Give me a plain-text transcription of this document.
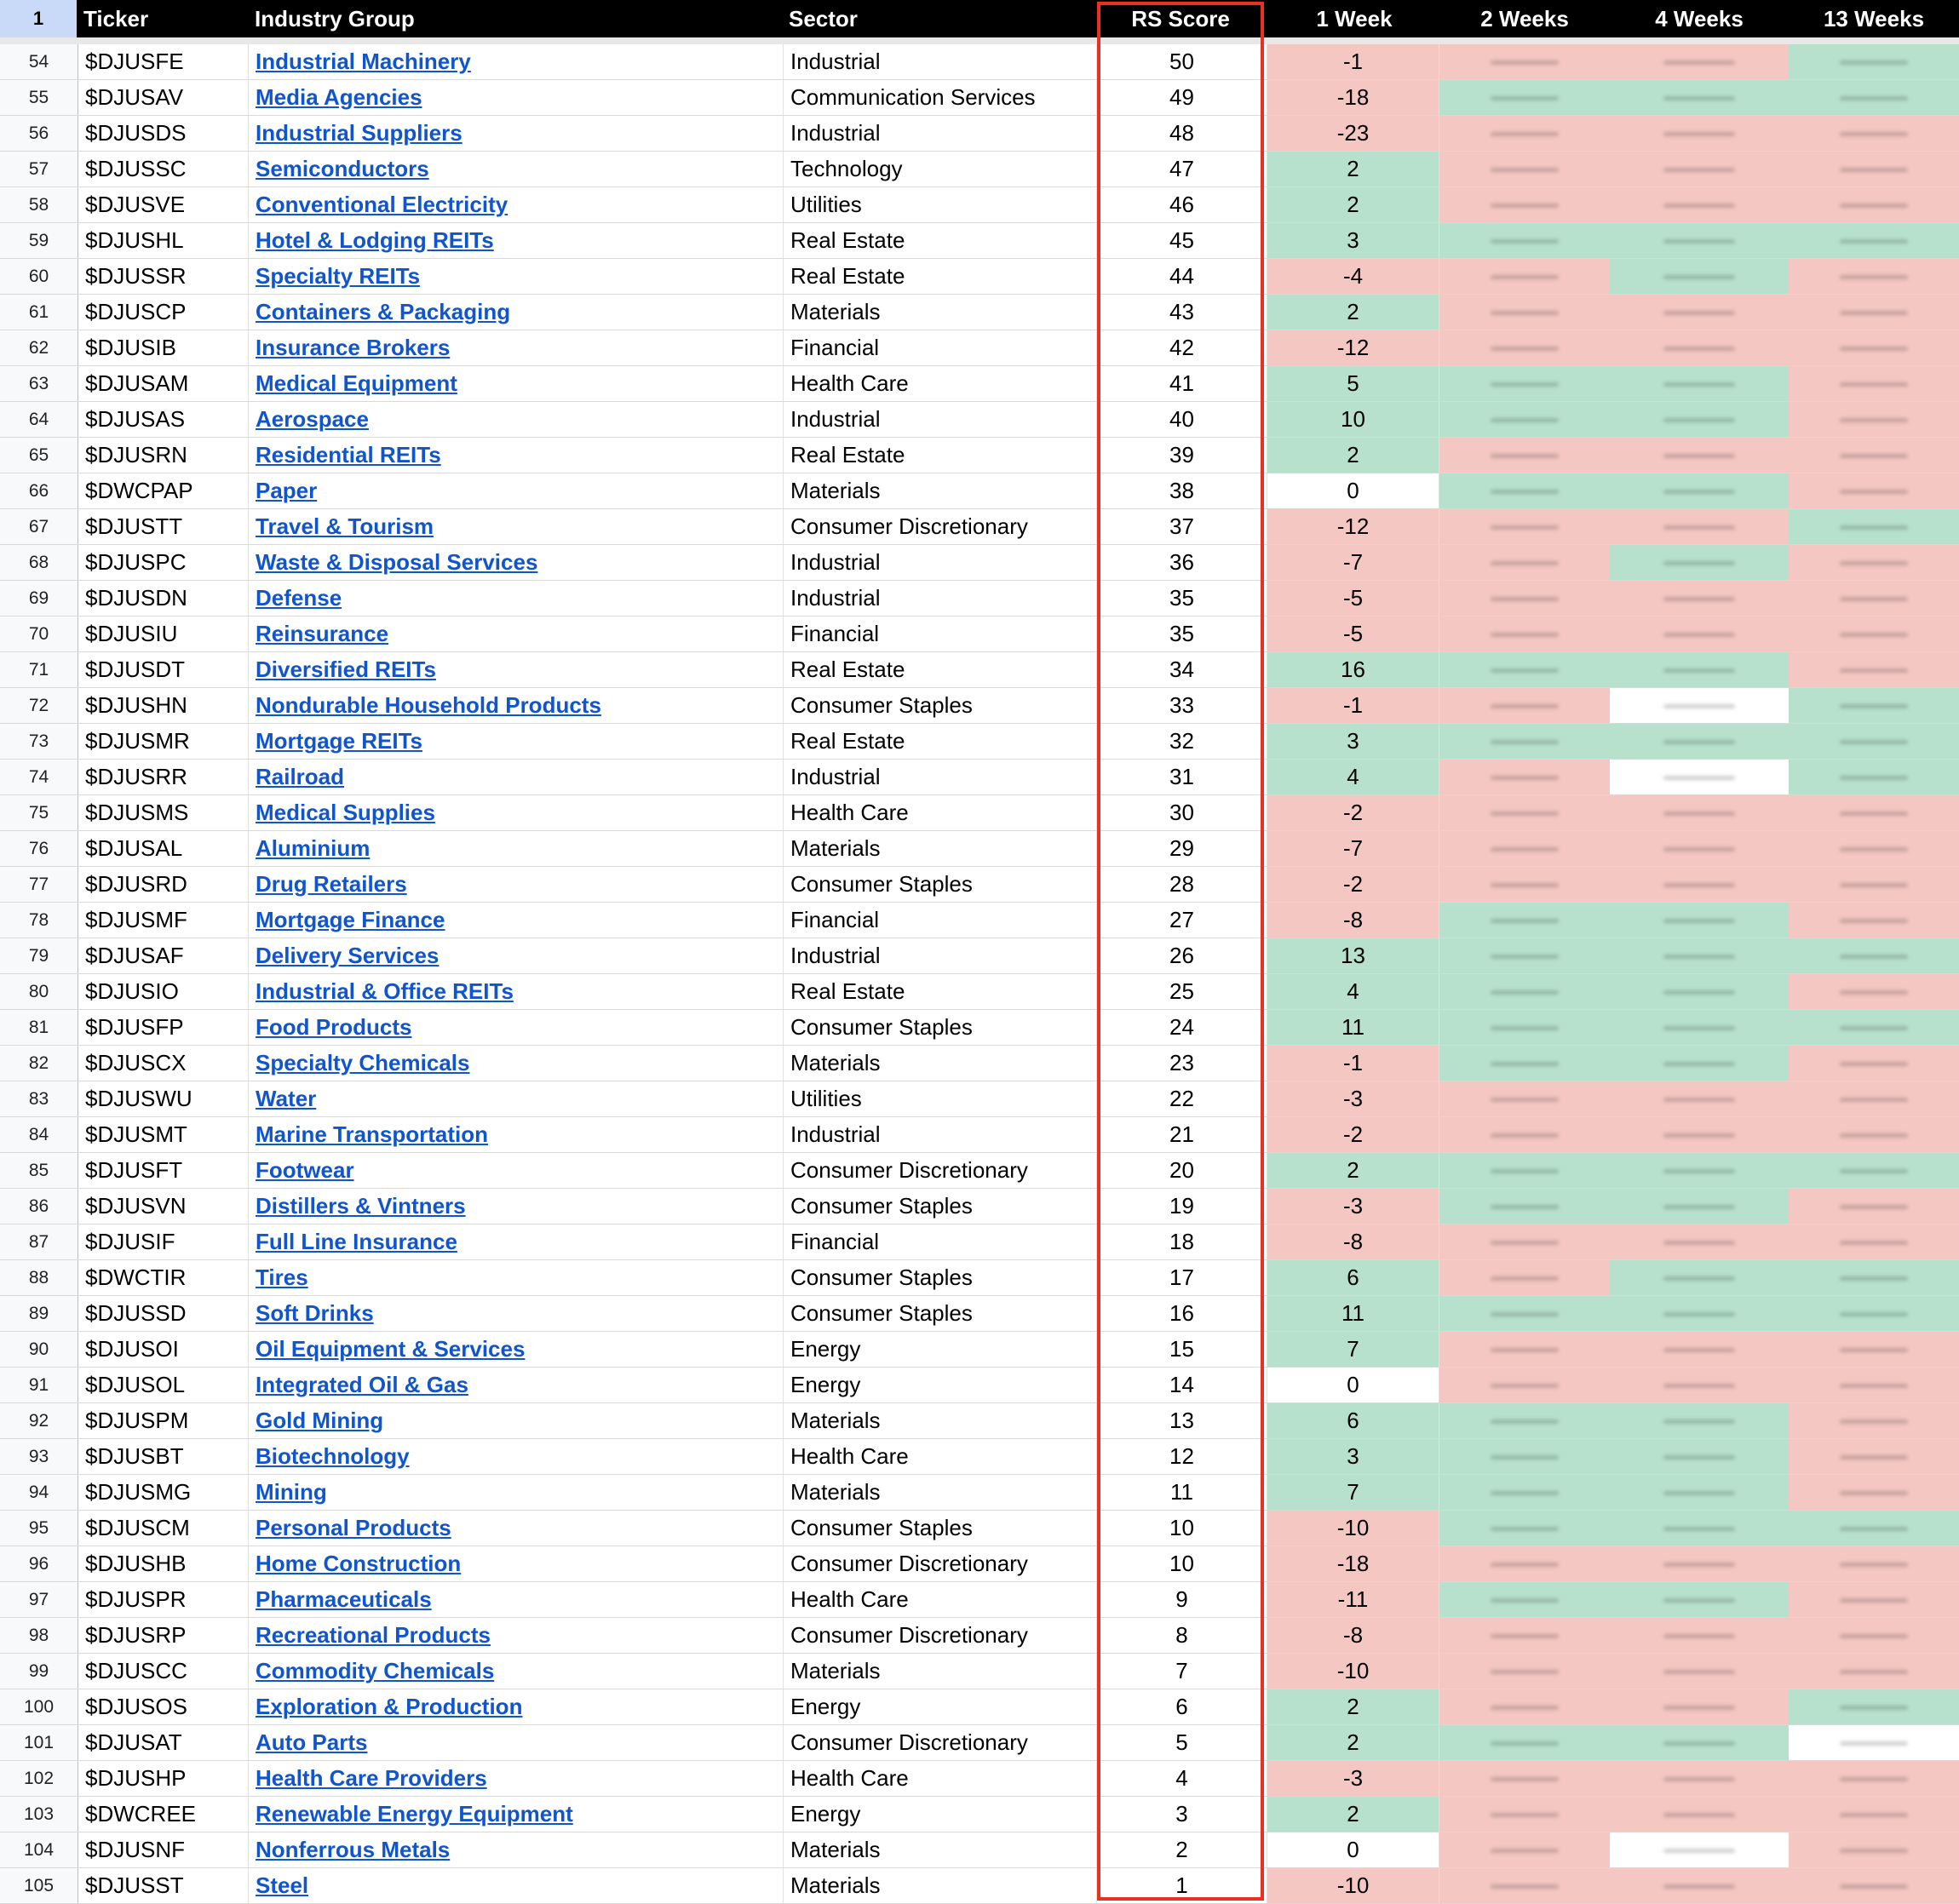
1	Ticker	Industry Group	Sector	RS Score	1 Week	2 Weeks	4 Weeks	13 Weeks
54	$DJUSFE	Industrial Machinery	Industrial	50	-1
55	$DJUSAV	Media Agencies	Communication Services	49	-18
56	$DJUSDS	Industrial Suppliers	Industrial	48	-23
57	$DJUSSC	Semiconductors	Technology	47	2
58	$DJUSVE	Conventional Electricity	Utilities	46	2
59	$DJUSHL	Hotel & Lodging REITs	Real Estate	45	3
60	$DJUSSR	Specialty REITs	Real Estate	44	-4
61	$DJUSCP	Containers & Packaging	Materials	43	2
62	$DJUSIB	Insurance Brokers	Financial	42	-12
63	$DJUSAM	Medical Equipment	Health Care	41	5
64	$DJUSAS	Aerospace	Industrial	40	10
65	$DJUSRN	Residential REITs	Real Estate	39	2
66	$DWCPAP	Paper	Materials	38	0
67	$DJUSTT	Travel & Tourism	Consumer Discretionary	37	-12
68	$DJUSPC	Waste & Disposal Services	Industrial	36	-7
69	$DJUSDN	Defense	Industrial	35	-5
70	$DJUSIU	Reinsurance	Financial	35	-5
71	$DJUSDT	Diversified REITs	Real Estate	34	16
72	$DJUSHN	Nondurable Household Products	Consumer Staples	33	-1
73	$DJUSMR	Mortgage REITs	Real Estate	32	3
74	$DJUSRR	Railroad	Industrial	31	4
75	$DJUSMS	Medical Supplies	Health Care	30	-2
76	$DJUSAL	Aluminium	Materials	29	-7
77	$DJUSRD	Drug Retailers	Consumer Staples	28	-2
78	$DJUSMF	Mortgage Finance	Financial	27	-8
79	$DJUSAF	Delivery Services	Industrial	26	13
80	$DJUSIO	Industrial & Office REITs	Real Estate	25	4
81	$DJUSFP	Food Products	Consumer Staples	24	11
82	$DJUSCX	Specialty Chemicals	Materials	23	-1
83	$DJUSWU	Water	Utilities	22	-3
84	$DJUSMT	Marine Transportation	Industrial	21	-2
85	$DJUSFT	Footwear	Consumer Discretionary	20	2
86	$DJUSVN	Distillers & Vintners	Consumer Staples	19	-3
87	$DJUSIF	Full Line Insurance	Financial	18	-8
88	$DWCTIR	Tires	Consumer Staples	17	6
89	$DJUSSD	Soft Drinks	Consumer Staples	16	11
90	$DJUSOI	Oil Equipment & Services	Energy	15	7
91	$DJUSOL	Integrated Oil & Gas	Energy	14	0
92	$DJUSPM	Gold Mining	Materials	13	6
93	$DJUSBT	Biotechnology	Health Care	12	3
94	$DJUSMG	Mining	Materials	11	7
95	$DJUSCM	Personal Products	Consumer Staples	10	-10
96	$DJUSHB	Home Construction	Consumer Discretionary	10	-18
97	$DJUSPR	Pharmaceuticals	Health Care	9	-11
98	$DJUSRP	Recreational Products	Consumer Discretionary	8	-8
99	$DJUSCC	Commodity Chemicals	Materials	7	-10
100	$DJUSOS	Exploration & Production	Energy	6	2
101	$DJUSAT	Auto Parts	Consumer Discretionary	5	2
102	$DJUSHP	Health Care Providers	Health Care	4	-3
103	$DWCREE	Renewable Energy Equipment	Energy	3	2
104	$DJUSNF	Nonferrous Metals	Materials	2	0
105	$DJUSST	Steel	Materials	1	-10
